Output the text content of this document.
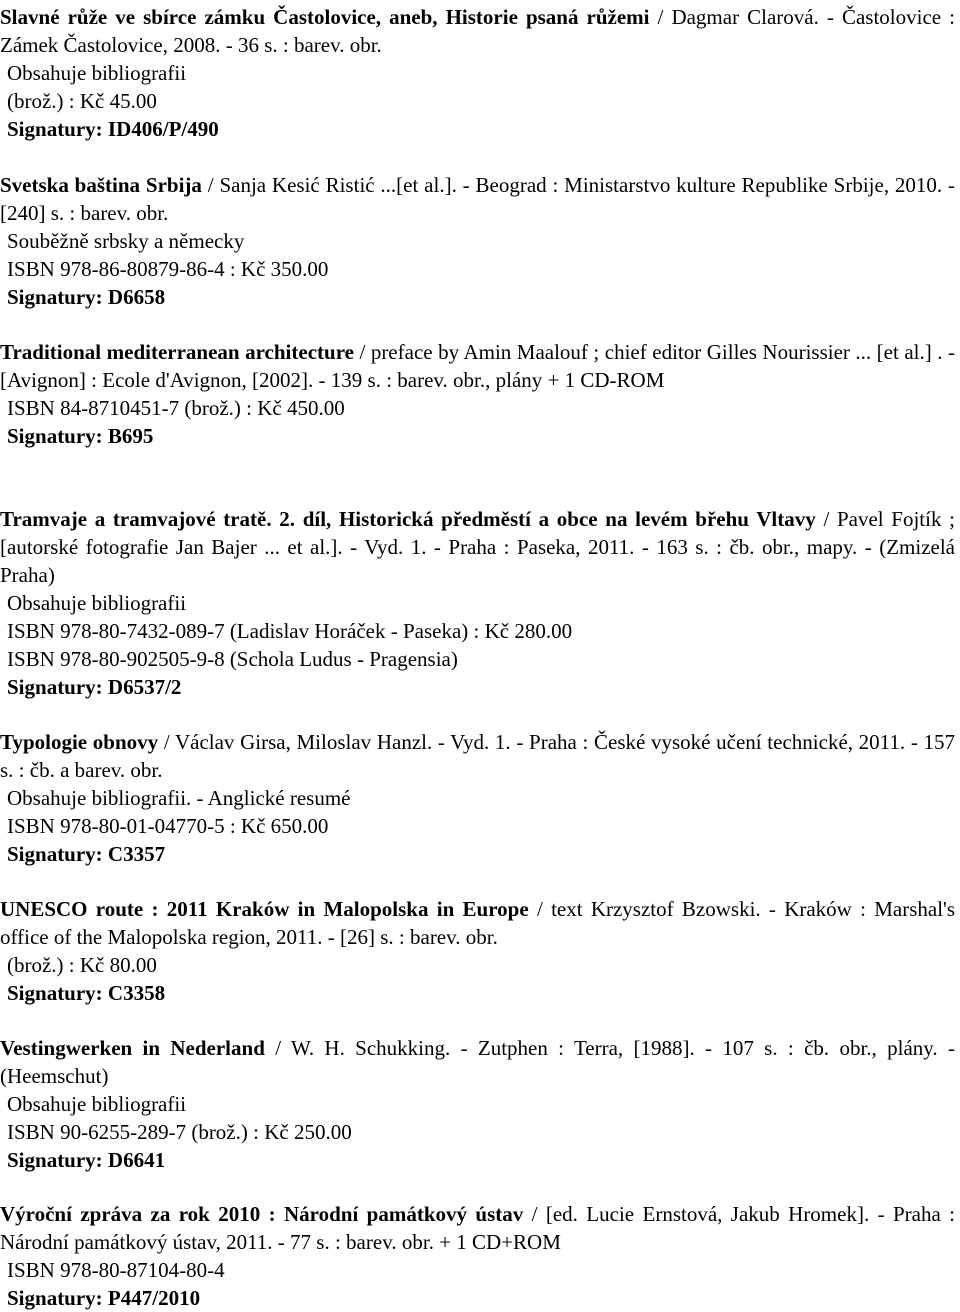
Slavné růže ve sbírce zámku Častolovice, aneb, Historie psaná růžemi / Dagmar Clarová. - Častolovice : Zámek Častolovice, 2008. - 36 s. : barev. obr.

Obsahuje bibliografii

(brož.) : Kč 45.00

Signatury: ID406/P/490

Svetska baština Srbija / Sanja Kesić Ristić ...[et al.]. - Beograd : Ministarstvo kulture Republike Srbije, 2010. - [240] s. : barev. obr.

Souběžně srbsky a německy

ISBN 978-86-80879-86-4 : Kč 350.00

Signatury: D6658

Traditional mediterranean architecture / preface by Amin Maalouf ; chief editor Gilles Nourissier ... [et al.] . - [Avignon] : Ecole d'Avignon, [2002]. - 139 s. : barev. obr., plány + 1 CD-ROM

ISBN 84-8710451-7 (brož.) : Kč 450.00

Signatury: B695

Tramvaje a tramvajové tratě. 2. díl, Historická předměstí a obce na levém břehu Vltavy / Pavel Fojtík ; [autorské fotografie Jan Bajer ... et al.]. - Vyd. 1. - Praha : Paseka, 2011. - 163 s. : čb. obr., mapy. - (Zmizelá Praha)

Obsahuje bibliografii

ISBN 978-80-7432-089-7 (Ladislav Horáček - Paseka) : Kč 280.00

ISBN 978-80-902505-9-8 (Schola Ludus - Pragensia)

Signatury: D6537/2

Typologie obnovy / Václav Girsa, Miloslav Hanzl. - Vyd. 1. - Praha : České vysoké učení technické, 2011. - 157 s. : čb. a barev. obr.

Obsahuje bibliografii. - Anglické resumé

ISBN 978-80-01-04770-5 : Kč 650.00

Signatury: C3357

UNESCO route : 2011 Kraków in Malopolska in Europe / text Krzysztof Bzowski. - Kraków : Marshal's office of the Malopolska region, 2011. - [26] s. : barev. obr.

(brož.) : Kč 80.00

Signatury: C3358

Vestingwerken in Nederland / W. H. Schukking. - Zutphen : Terra, [1988]. - 107 s. : čb. obr., plány. - (Heemschut)

Obsahuje bibliografii

ISBN 90-6255-289-7 (brož.) : Kč 250.00

Signatury: D6641

Výroční zpráva za rok 2010 : Národní památkový ústav / [ed. Lucie Ernstová, Jakub Hromek]. - Praha : Národní památkový ústav, 2011. - 77 s. : barev. obr. + 1 CD+ROM

ISBN 978-80-87104-80-4

Signatury: P447/2010
